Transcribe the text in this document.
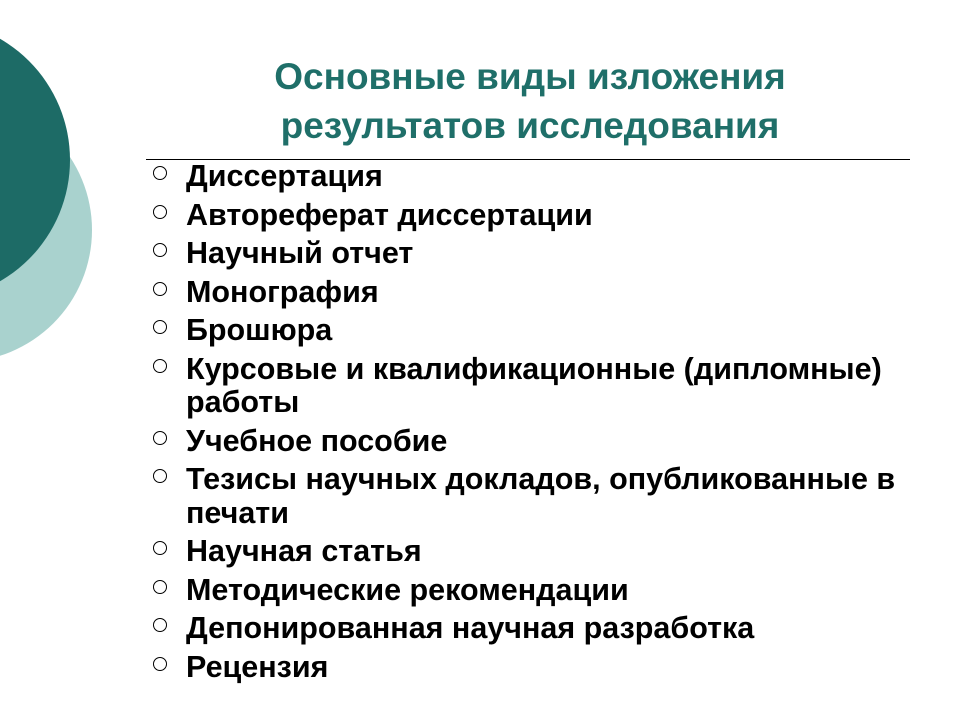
Основные виды изложения
результатов исследования
Диссертация
Автореферат диссертации
Научный отчет
Монография
Брошюра
Курсовые и квалификационные (дипломные) работы
Учебное пособие
Тезисы научных докладов, опубликованные в печати
Научная статья
Методические рекомендации
Депонированная научная разработка
Рецензия
